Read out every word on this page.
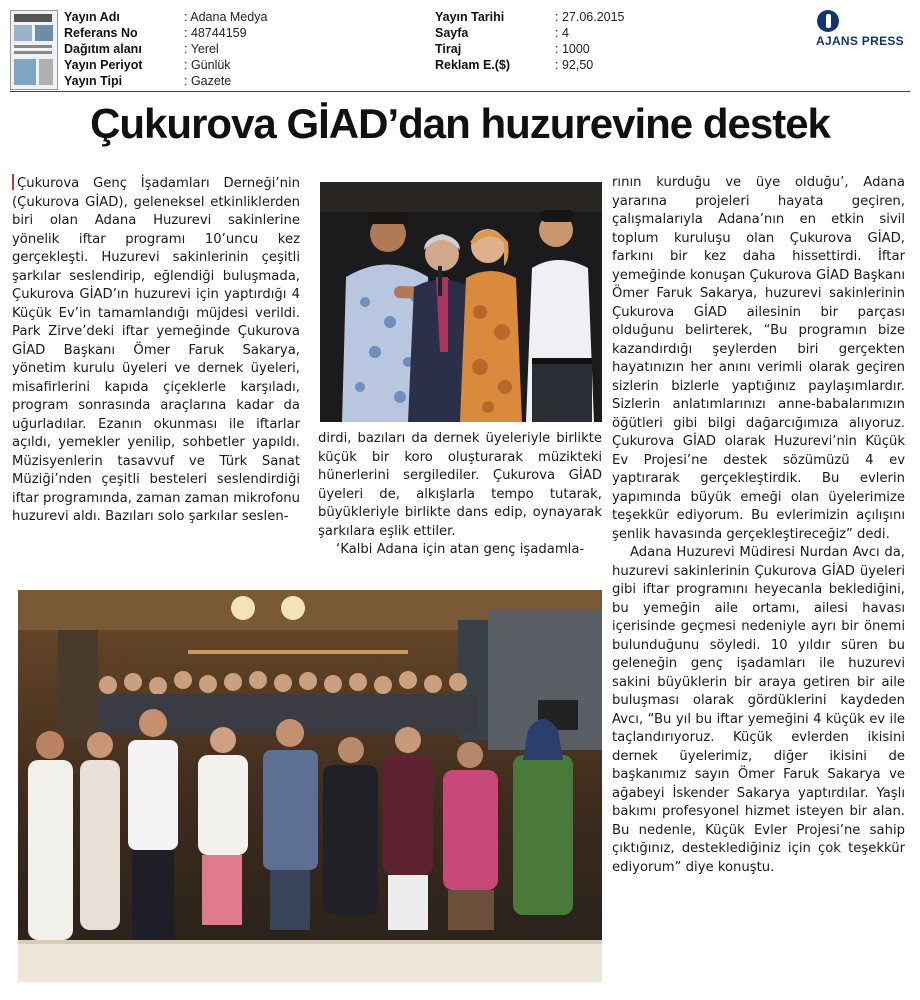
Yayın Adı	: Adana Medya
Referans No	: 48744159
Dağıtım alanı	: Yerel
Yayın Periyot	: Günlük
Yayın Tipi	: Gazete
Yayın Tarihi	: 27.06.2015
Sayfa	: 4
Tiraj	: 1000
Reklam E.($)	: 92,50
AJANS PRESS
Çukurova GİAD’dan huzurevine destek

Çukurova Genç İşadamları Derneği’nin (Çukurova GİAD), geleneksel etkinliklerden biri olan Adana Huzurevi sakinlerine yönelik iftar programı 10’uncu kez gerçekleşti. Huzurevi sakinlerinin çeşitli şarkılar seslendirip, eğlendiği buluşmada, Çukurova GİAD’ın huzurevi için yaptırdığı 4 Küçük Ev’in tamamlandığı müjdesi verildi. Park Zirve’deki iftar yemeğinde Çukurova GİAD Başkanı Ömer Faruk Sakarya, yönetim kurulu üyeleri ve dernek üyeleri, misafirlerini kapıda çiçeklerle karşıladı, program sonrasında araçlarına kadar da uğurladılar. Ezanın okunması ile iftarlar açıldı, yemekler yenilip, sohbetler yapıldı. Müzisyenlerin tasavvuf ve Türk Sanat Müziği’nden çeşitli besteleri seslendirdiği iftar programında, zaman zaman mikrofonu huzurevi aldı. Bazıları solo şarkılar seslen-

dirdi, bazıları da dernek üyeleriyle birlikte küçük bir koro oluşturarak müzikteki hünerlerini sergilediler. Çukurova GİAD üyeleri de, alkışlarla tempo tutarak, büyükleriyle birlikte dans edip, oynayarak şarkılara eşlik ettiler.

‘Kalbi Adana için atan genç işadamla-

rının kurduğu ve üye olduğu’, Adana yararına projeleri hayata geçiren, çalışmalarıyla Adana’nın en etkin sivil toplum kuruluşu olan Çukurova GİAD, farkını bir kez daha hissettirdi. İftar yemeğinde konuşan Çukurova GİAD Başkanı Ömer Faruk Sakarya, huzurevi sakinlerinin Çukurova GİAD ailesinin bir parçası olduğunu belirterek, “Bu programın bize kazandırdığı şeylerden biri gerçekten hayatınızın her anını verimli olarak geçiren sizlerin bizlerle yaptığınız paylaşımlardır. Sizlerin anlatımlarınızı anne-babalarımızın öğütleri gibi bilgi dağarcığımıza alıyoruz. Çukurova GİAD olarak Huzurevi’nin Küçük Ev Projesi’ne destek sözümüzü 4 ev yaptırarak gerçekleştirdik. Bu evlerin yapımında büyük emeği olan üyelerimize teşekkür ediyorum. Bu evlerimizin açılışını şenlik havasında gerçekleştireceğiz” dedi.

Adana Huzurevi Müdiresi Nurdan Avcı da, huzurevi sakinlerinin Çukurova GİAD üyeleri gibi iftar programını heyecanla beklediğini, bu yemeğin aile ortamı, ailesi havası içerisinde geçmesi nedeniyle ayrı bir önemi bulunduğunu söyledi. 10 yıldır süren bu geleneğin genç işadamları ile huzurevi sakini büyüklerin bir araya getiren bir aile buluşması olarak gördüklerini kaydeden Avcı, “Bu yıl bu iftar yemeğini 4 küçük ev ile taçlandırıyoruz. Küçük evlerden ikisini dernek üyelerimiz, diğer ikisini de başkanımız sayın Ömer Faruk Sakarya ve ağabeyi İskender Sakarya yaptırdılar. Yaşlı bakımı profesyonel hizmet isteyen bir alan. Bu nedenle, Küçük Evler Projesi’ne sahip çıktığınız, desteklediğiniz için çok teşekkür ediyorum” diye konuştu.
